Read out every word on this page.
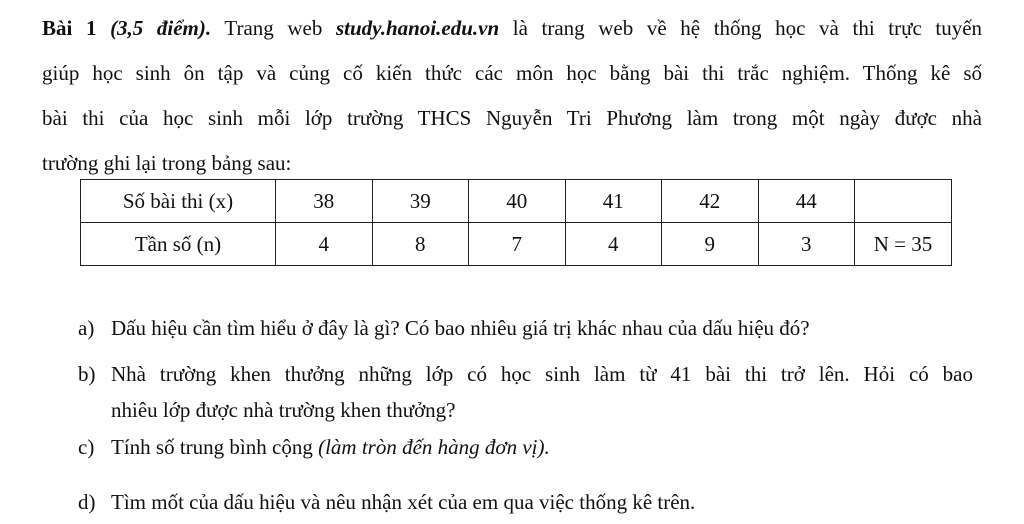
Bài 1 (3,5 điểm). Trang web study.hanoi.edu.vn là trang web về hệ thống học và thi trực tuyến
giúp học sinh ôn tập và củng cố kiến thức các môn học bằng bài thi trắc nghiệm. Thống kê số
bài thi của học sinh mỗi lớp trường THCS Nguyễn Tri Phương làm trong một ngày được nhà
trường ghi lại trong bảng sau:
Số bài thi (x)	38	39	40	41	42	44	
Tần số (n)	4	8	7	4	9	3	N = 35
a) Dấu hiệu cần tìm hiểu ở đây là gì? Có bao nhiêu giá trị khác nhau của dấu hiệu đó?
b) Nhà trường khen thưởng những lớp có học sinh làm từ 41 bài thi trở lên. Hỏi có bao
nhiêu lớp được nhà trường khen thưởng?
c) Tính số trung bình cộng (làm tròn đến hàng đơn vị).
d) Tìm mốt của dấu hiệu và nêu nhận xét của em qua việc thống kê trên.
